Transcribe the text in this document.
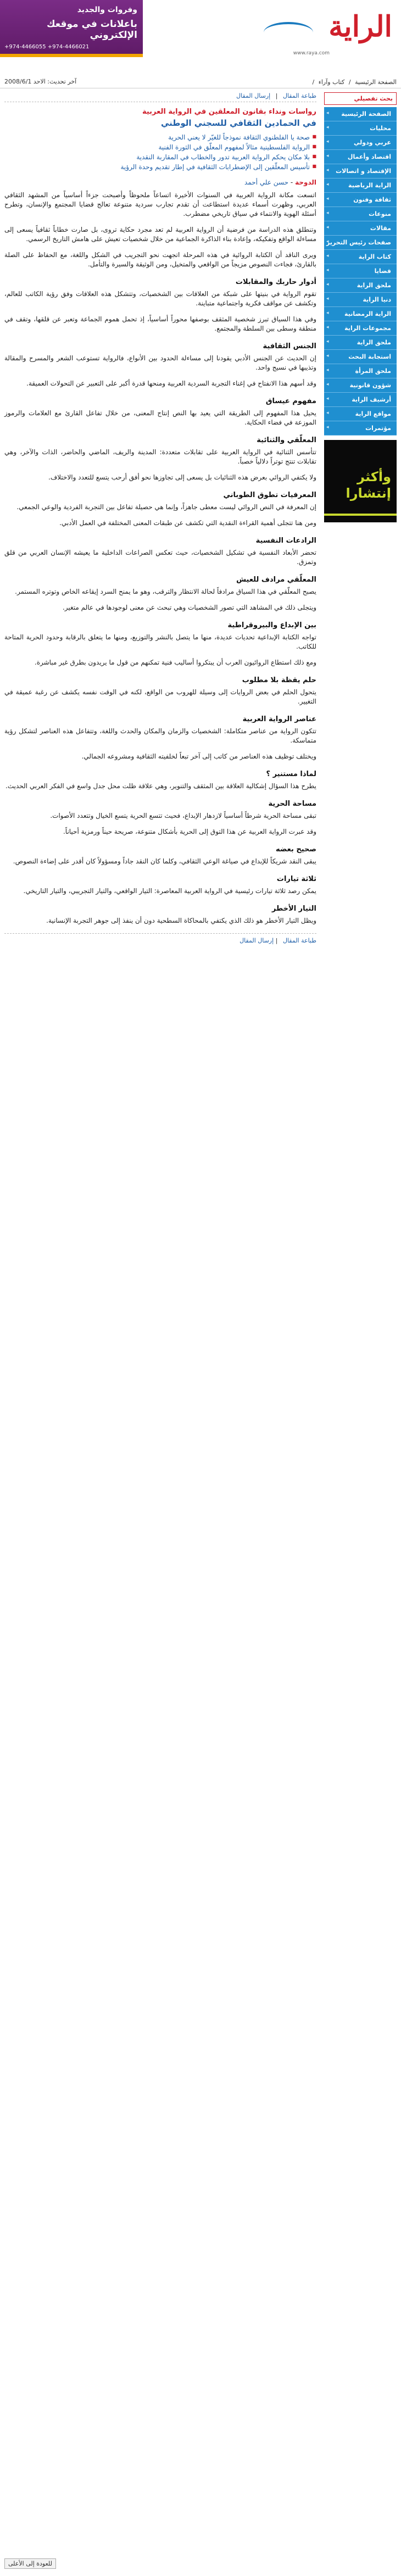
وفروات والجديد
باعلانات في موقعك الإلكتروني
+974-4466055 +974-4466021
الراية
www.raya.com
الصفحة الرئيسية / كتاب وآراء /
آخر تحديث: الاحد 2008/6/1
بحث تفصيلي
◂ الصفحة الرئيسية
◂ محليات
◂ عربي ودولي
◂ اقتصاد وأعمال
◂ الإقتصاد و اتصالات
◂ الراية الرياضية
◂ ثقافة وفنون
◂ منوعات
◂ مقالات
◂ صفحات رئيس التحرير
◂ كتاب الراية
◂ قضايا
◂ ملحق الراية
◂ دنيا الراية
◂ الراية الرمضانية
◂ مجموعات الراية
◂ ملحق الراية
◂ استجابة البحث
◂ ملحق المرأة
◂ شؤون قانونية
◂ أرشيف الراية
◂ مواقع الراية
◂ مؤتمرات
وأكثر
إنتشارا
طباعة المقال | إرسال المقال
رواسات ونداء بقانون المعلقين في الرواية العربية
في الحمادين الثقافي للسجني الوطني
■ صحة يا الفلطنوي الثقافة نموذجاً للغيّر لا يعني الحرية
■ الرواية الفلسطينية مثالاً لمفهوم المعلّق في الثورة الفنية
■ بلا مكان يحكم الرواية العربية تدور والخطاب في المقاربة النقدية
■ تأسيس المعلّقين إلى الإضطرابات الثقافية في إطار تقديم وحدة الرؤية
الدوحة - حسن علي أحمد

اتسعت مكانة الرواية العربية في السنوات الأخيرة اتساعاً ملحوظاً وأصبحت جزءاً أساسياً من المشهد الثقافي العربي، وظهرت أسماء عديدة استطاعت أن تقدم تجارب سردية متنوعة تعالج قضايا المجتمع والإنسان، وتطرح أسئلة الهوية والانتماء في سياق تاريخي مضطرب.

وتنطلق هذه الدراسة من فرضية أن الرواية العربية لم تعد مجرد حكاية تروى، بل صارت خطاباً ثقافياً يسعى إلى مساءلة الواقع وتفكيكه، وإعادة بناء الذاكرة الجماعية من خلال شخصيات تعيش على هامش التاريخ الرسمي.

ويرى الناقد أن الكتابة الروائية في هذه المرحلة اتجهت نحو التجريب في الشكل واللغة، مع الحفاظ على الصلة بالقارئ، فجاءت النصوص مزيجاً من الواقعي والمتخيل، ومن الوثيقة والسيرة والتأمل.

أدوار حاربك والمقابلات

تقوم الرواية في بنيتها على شبكة من العلاقات بين الشخصيات، وتتشكل هذه العلاقات وفق رؤية الكاتب للعالم، وتكشف عن مواقف فكرية واجتماعية متباينة.

وفي هذا السياق تبرز شخصية المثقف بوصفها محوراً أساسياً، إذ تحمل هموم الجماعة وتعبر عن قلقها، وتقف في منطقة وسطى بين السلطة والمجتمع.

الجنس الثقافية

إن الحديث عن الجنس الأدبي يقودنا إلى مساءلة الحدود بين الأنواع، فالرواية تستوعب الشعر والمسرح والمقالة وتذيبها في نسيج واحد.

وقد أسهم هذا الانفتاح في إغناء التجربة السردية العربية ومنحها قدرة أكبر على التعبير عن التحولات العميقة.

مفهوم عيساق

يحيل هذا المفهوم إلى الطريقة التي يعيد بها النص إنتاج المعنى، من خلال تفاعل القارئ مع العلامات والرموز الموزعة في فضاء الحكاية.

المعلّقي والثنائية

تتأسس الثنائية في الرواية العربية على تقابلات متعددة: المدينة والريف، الماضي والحاضر، الذات والآخر، وهي تقابلات تنتج توتراً دلالياً خصباً.

ولا يكتفي الروائي بعرض هذه الثنائيات بل يسعى إلى تجاوزها نحو أفق أرحب يتسع للتعدد والاختلاف.

المعرفيات تطوق الطوباني

إن المعرفة في النص الروائي ليست معطى جاهزاً، وإنما هي حصيلة تفاعل بين التجربة الفردية والوعي الجمعي.

ومن هنا تتجلى أهمية القراءة النقدية التي تكشف عن طبقات المعنى المختلفة في العمل الأدبي.

الرادعات النفسية

تحضر الأبعاد النفسية في تشكيل الشخصيات، حيث تعكس الصراعات الداخلية ما يعيشه الإنسان العربي من قلق وتمزق.

المعلّقي مرادف للعيش

يصبح المعلّقي في هذا السياق مرادفاً لحالة الانتظار والترقب، وهو ما يمنح السرد إيقاعه الخاص وتوتره المستمر.

ويتجلى ذلك في المشاهد التي تصور الشخصيات وهي تبحث عن معنى لوجودها في عالم متغير.

بين الإبداع والبيروقراطية

تواجه الكتابة الإبداعية تحديات عديدة، منها ما يتصل بالنشر والتوزيع، ومنها ما يتعلق بالرقابة وحدود الحرية المتاحة للكاتب.

ومع ذلك استطاع الروائيون العرب أن يبتكروا أساليب فنية تمكنهم من قول ما يريدون بطرق غير مباشرة.

حلم يقظة بلا مطلوب

يتحول الحلم في بعض الروايات إلى وسيلة للهروب من الواقع، لكنه في الوقت نفسه يكشف عن رغبة عميقة في التغيير.

عناصر الرواية العربية

تتكون الرواية من عناصر متكاملة: الشخصيات والزمان والمكان والحدث واللغة، وتتفاعل هذه العناصر لتشكل رؤية متماسكة.

ويختلف توظيف هذه العناصر من كاتب إلى آخر تبعاً لخلفيته الثقافية ومشروعه الجمالي.

لماذا مستنير ؟

يطرح هذا السؤال إشكالية العلاقة بين المثقف والتنوير، وهي علاقة ظلت محل جدل واسع في الفكر العربي الحديث.

مساحة الحرية

تبقى مساحة الحرية شرطاً أساسياً لازدهار الإبداع، فحيث تتسع الحرية يتسع الخيال وتتعدد الأصوات.

وقد عبرت الرواية العربية عن هذا التوق إلى الحرية بأشكال متنوعة، صريحة حيناً ورمزية أحياناً.

صحيح بعضه

يبقى النقد شريكاً للإبداع في صياغة الوعي الثقافي، وكلما كان النقد جاداً ومسؤولاً كان أقدر على إضاءة النصوص.

ثلاثة تيارات

يمكن رصد ثلاثة تيارات رئيسية في الرواية العربية المعاصرة: التيار الواقعي، والتيار التجريبي، والتيار التاريخي.

التيار الأخطر

ويظل التيار الأخطر هو ذلك الذي يكتفي بالمحاكاة السطحية دون أن ينفذ إلى جوهر التجربة الإنسانية.

طباعة المقال | إرسال المقال
للعودة إلى الأعلى
